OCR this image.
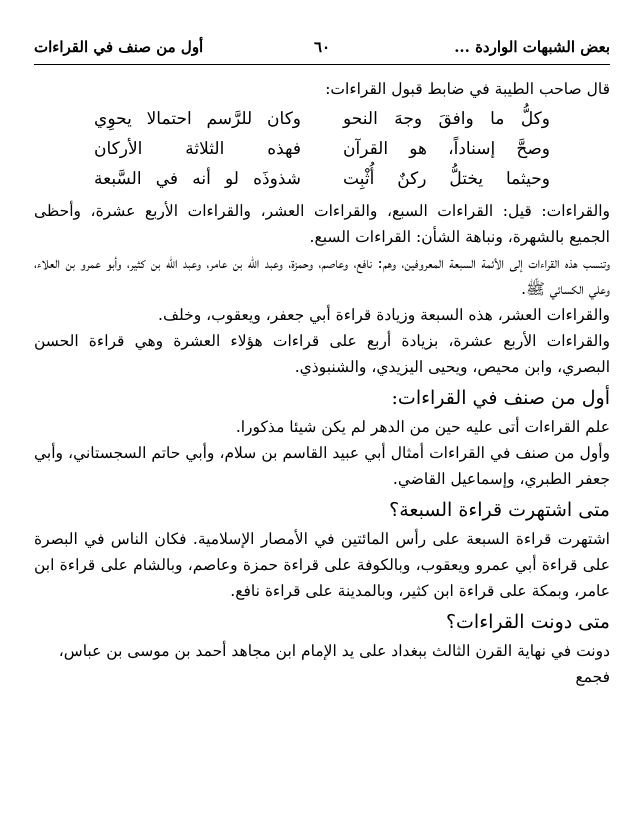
بعض الشبهات الواردة ...
٦٠
أول من صنف في القراءات

قال صاحب الطيبة في ضابط قبول القراءات:

وكلُّ
ما
وافقَ
وجهَ
النحو
وكان
للرَّسم
احتمالا
يحوِي
وصحَّ
إسناداً،
هو
القرآن
فهذه
الثلاثة
الأركان
وحيثما
يختلُّ
ركنٌ
أُثْبِت
شذوذَه
لو
أنه
في
السَّبعة

والقراءات: قيل: القراءات السبع، والقراءات العشر، والقراءات الأربع عشرة، وأحظى الجميع بالشهرة، ونباهة الشأن: القراءات السبع.

وتنسب هذه القراءات إلى الأئمة السبعة المعروفين، وهم: نافع، وعاصم، وحمزة، وعبد الله بن عامر، وعبد الله بن كثير، وأبو عمرو بن العلاء، وعلي الكسائي ﷺ.

والقراءات العشر، هذه السبعة وزيادة قراءة أبي جعفر، ويعقوب، وخلف.

والقراءات الأربع عشرة، بزيادة أربع على قراءات هؤلاء العشرة وهي قراءة الحسن البصري، وابن محيص، ويحيى اليزيدي، والشنبوذي.

أول من صنف في القراءات:

علم القراءات أتى عليه حين من الدهر لم يكن شيئا مذكورا.

وأول من صنف في القراءات أمثال أبي عبيد القاسم بن سلام، وأبي حاتم السجستاني، وأبي جعفر الطبري، وإسماعيل القاضي.

متى اشتهرت قراءة السبعة؟

اشتهرت قراءة السبعة على رأس المائتين في الأمصار الإسلامية. فكان الناس في البصرة على قراءة أبي عمرو ويعقوب، وبالكوفة على قراءة حمزة وعاصم، وبالشام على قراءة ابن عامر، وبمكة على قراءة ابن كثير، وبالمدينة على قراءة نافع.

متى دونت القراءات؟

دونت في نهاية القرن الثالث ببغداد على يد الإمام ابن مجاهد أحمد بن موسى بن عباس، فجمع
